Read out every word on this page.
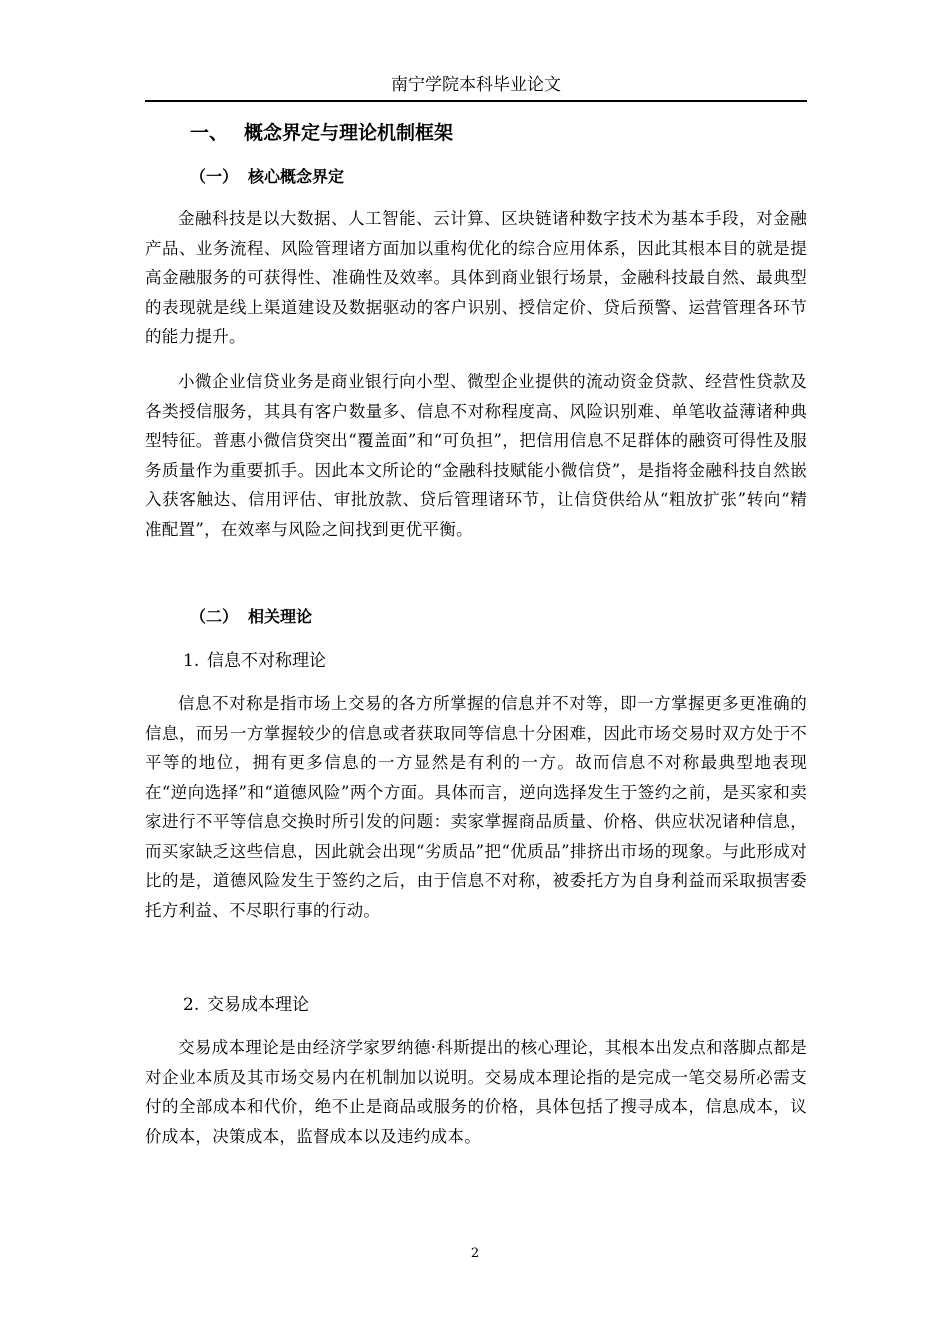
南宁学院本科毕业论文
一、 概念界定与理论机制框架
（一） 核心概念界定

金融科技是以大数据、人工智能、云计算、区块链诸种数字技术为基本手段，对金融产品、业务流程、风险管理诸方面加以重构优化的综合应用体系，因此其根本目的就是提高金融服务的可获得性、准确性及效率。具体到商业银行场景，金融科技最自然、最典型的表现就是线上渠道建设及数据驱动的客户识别、授信定价、贷后预警、运营管理各环节的能力提升。

小微企业信贷业务是商业银行向小型、微型企业提供的流动资金贷款、经营性贷款及各类授信服务，其具有客户数量多、信息不对称程度高、风险识别难、单笔收益薄诸种典型特征。普惠小微信贷突出“覆盖面”和“可负担”，把信用信息不足群体的融资可得性及服务质量作为重要抓手。因此本文所论的“金融科技赋能小微信贷”，是指将金融科技自然嵌入获客触达、信用评估、审批放款、贷后管理诸环节，让信贷供给从“粗放扩张”转向“精准配置”，在效率与风险之间找到更优平衡。

（二） 相关理论
1. 信息不对称理论

信息不对称是指市场上交易的各方所掌握的信息并不对等，即一方掌握更多更准确的信息，而另一方掌握较少的信息或者获取同等信息十分困难，因此市场交易时双方处于不平等的地位，拥有更多信息的一方显然是有利的一方。故而信息不对称最典型地表现在“逆向选择”和“道德风险”两个方面。具体而言，逆向选择发生于签约之前，是买家和卖家进行不平等信息交换时所引发的问题：卖家掌握商品质量、价格、供应状况诸种信息，而买家缺乏这些信息，因此就会出现“劣质品”把“优质品”排挤出市场的现象。与此形成对比的是，道德风险发生于签约之后，由于信息不对称，被委托方为自身利益而采取损害委托方利益、不尽职行事的行动。

2. 交易成本理论

交易成本理论是由经济学家罗纳德·科斯提出的核心理论，其根本出发点和落脚点都是对企业本质及其市场交易内在机制加以说明。交易成本理论指的是完成一笔交易所必需支付的全部成本和代价，绝不止是商品或服务的价格，具体包括了搜寻成本，信息成本，议价成本，决策成本，监督成本以及违约成本。

2
